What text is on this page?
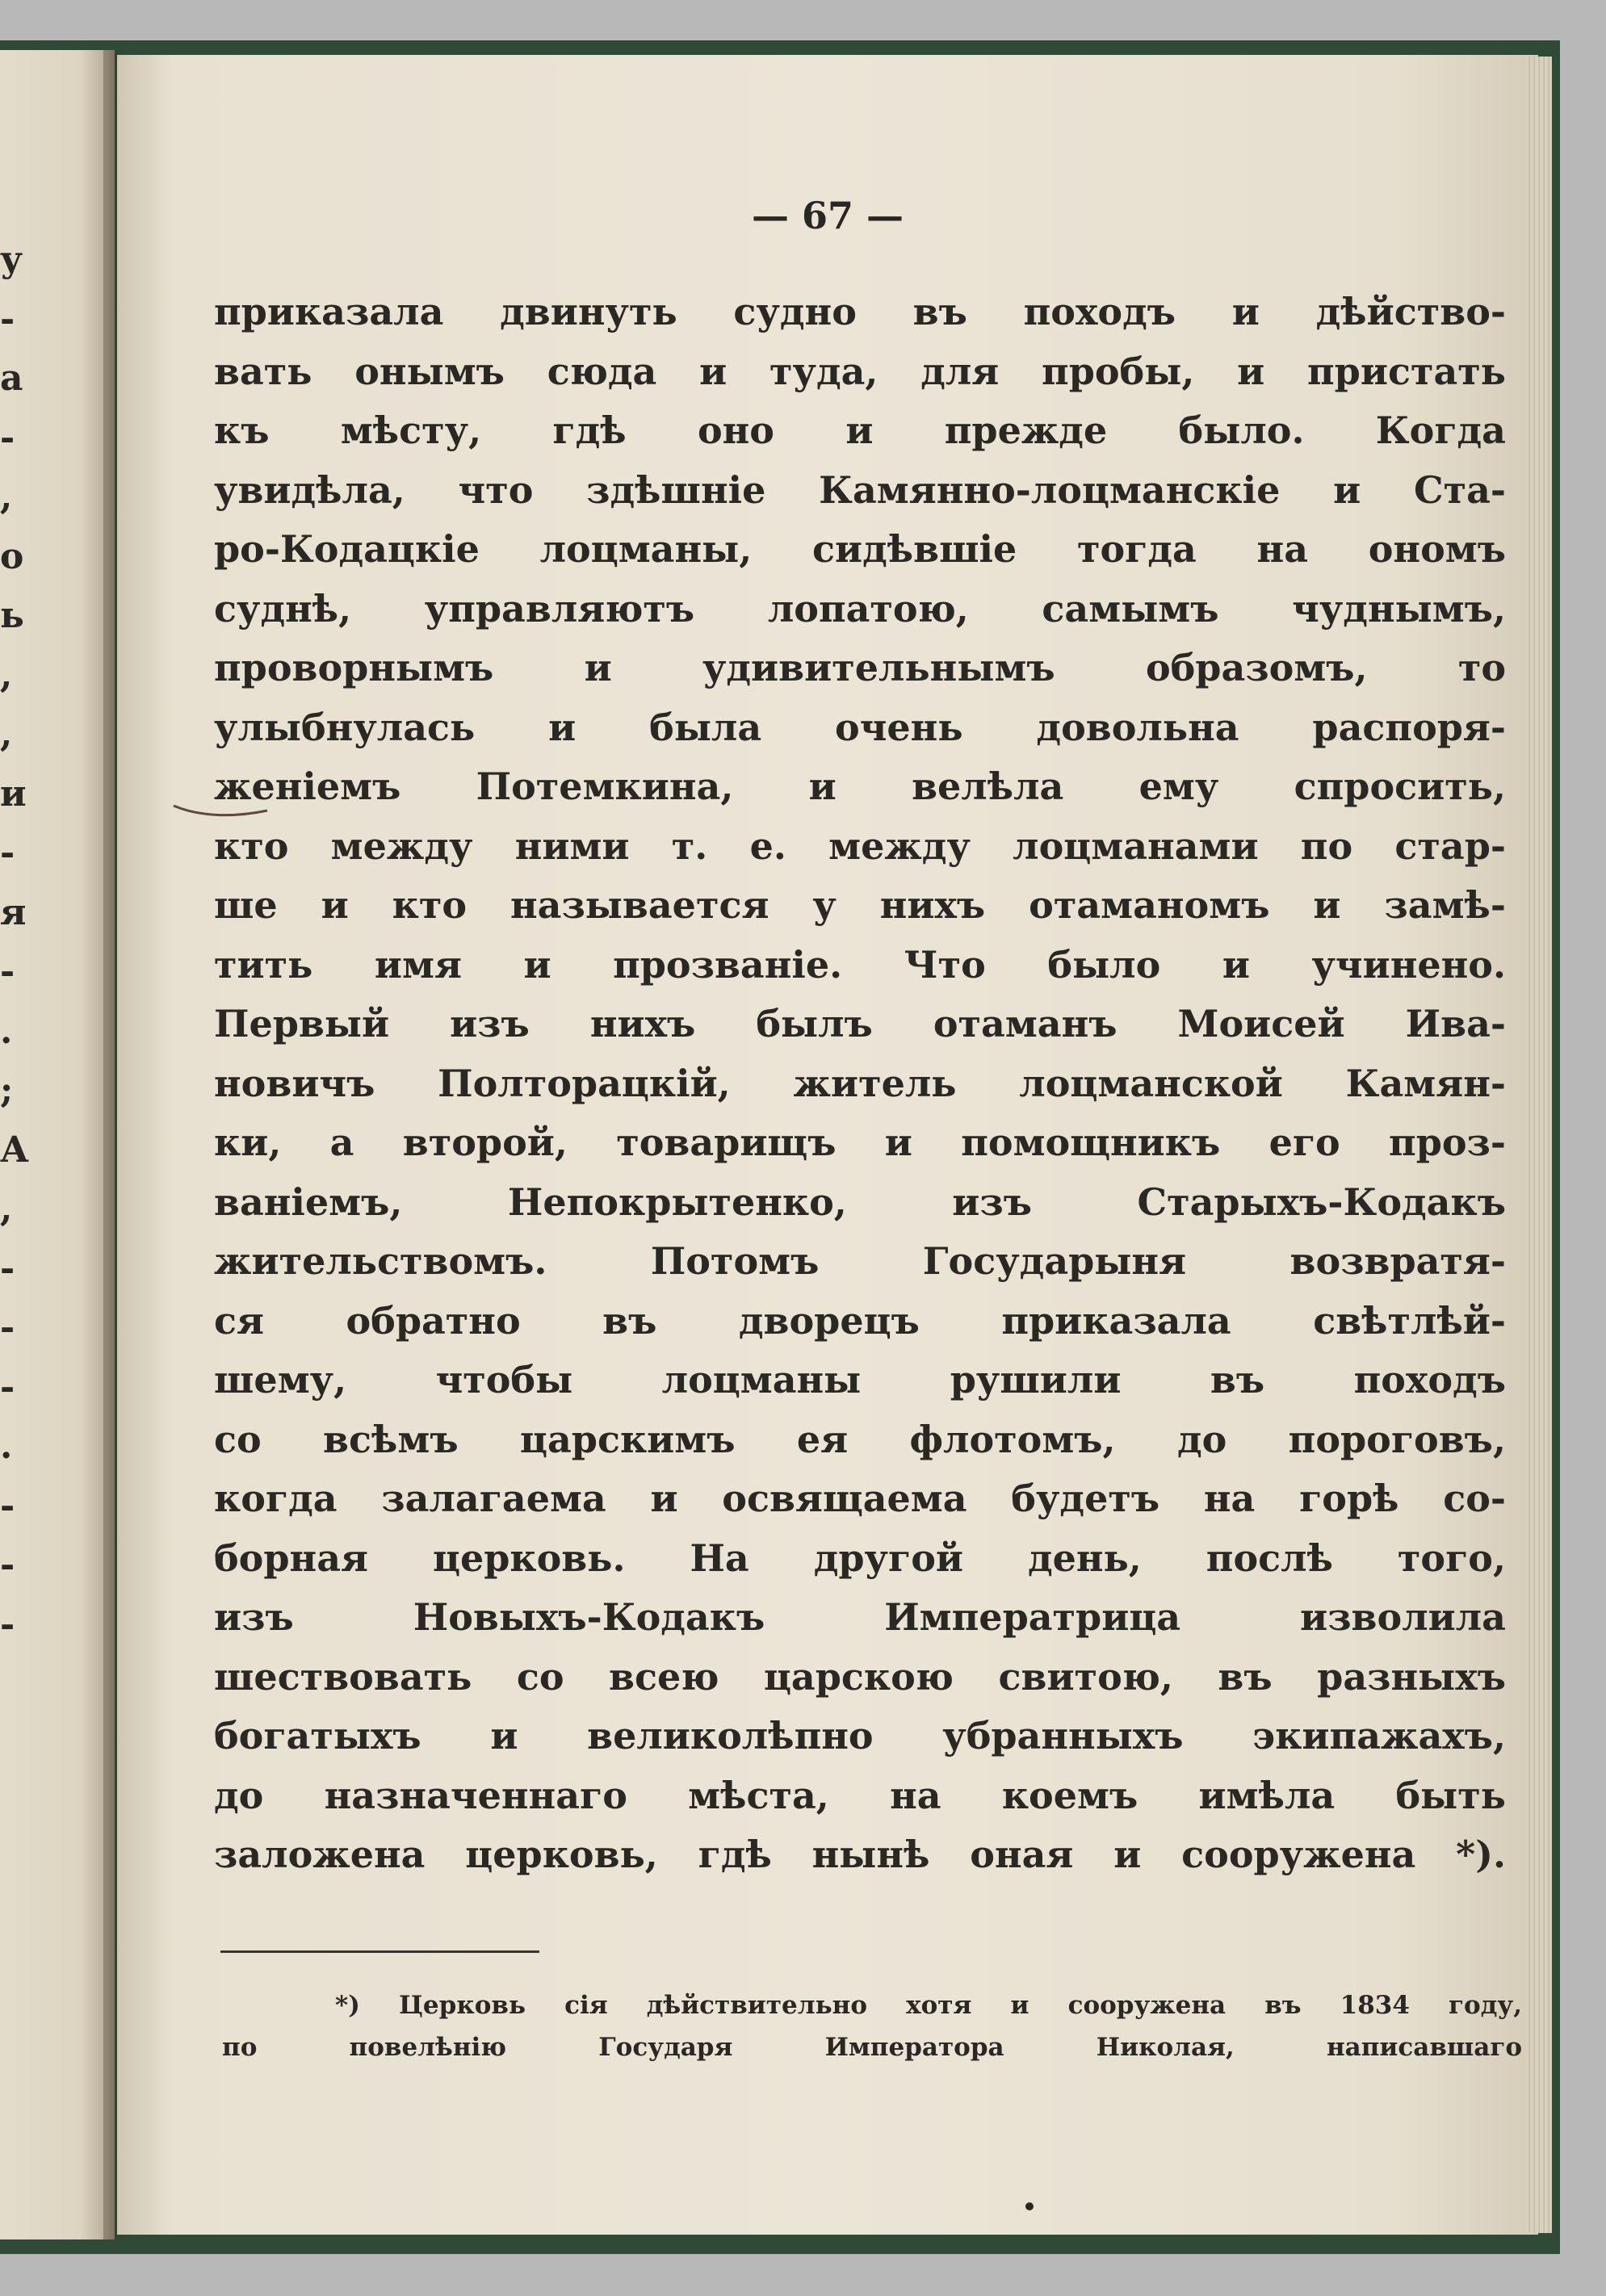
у
-
а
-
,
о
ь
,
,
и
-
я
-
.
;
А
,
-
-
-
.
-
-
-
— 67 —
приказала двинуть судно въ походъ и дѣйство-
вать онымъ сюда и туда, для пробы, и пристать
къ мѣсту, гдѣ оно и прежде было. Когда
увидѣла, что здѣшніе Камянно-лоцманскіе и Ста-
ро-Кодацкіе лоцманы, сидѣвшіе тогда на ономъ
суднѣ, управляютъ лопатою, самымъ чуднымъ,
проворнымъ и удивительнымъ образомъ, то
улыбнулась и была очень довольна распоря-
женіемъ Потемкина, и велѣла ему спросить,
кто между ними т. е. между лоцманами по стар-
ше и кто называется у нихъ отаманомъ и замѣ-
тить имя и прозваніе. Что было и учинено.
Первый изъ нихъ былъ отаманъ Моисей Ива-
новичъ Полторацкій, житель лоцманской Камян-
ки, а второй, товарищъ и помощникъ его проз-
ваніемъ, Непокрытенко, изъ Старыхъ-Кодакъ
жительствомъ. Потомъ Государыня возвратя-
ся обратно въ дворецъ приказала свѣтлѣй-
шему, чтобы лоцманы рушили въ походъ
со всѣмъ царскимъ ея флотомъ, до пороговъ,
когда залагаема и освящаема будетъ на горѣ со-
борная церковь. На другой день, послѣ того,
изъ Новыхъ-Кодакъ Императрица изволила
шествовать со всею царскою свитою, въ разныхъ
богатыхъ и великолѣпно убранныхъ экипажахъ,
до назначеннаго мѣста, на коемъ имѣла быть
заложена церковь, гдѣ нынѣ оная и сооружена *).
*) Церковь сія дѣйствительно хотя и сооружена въ 1834 году,
по повелѣнію Государя Императора Николая, написавшаго
